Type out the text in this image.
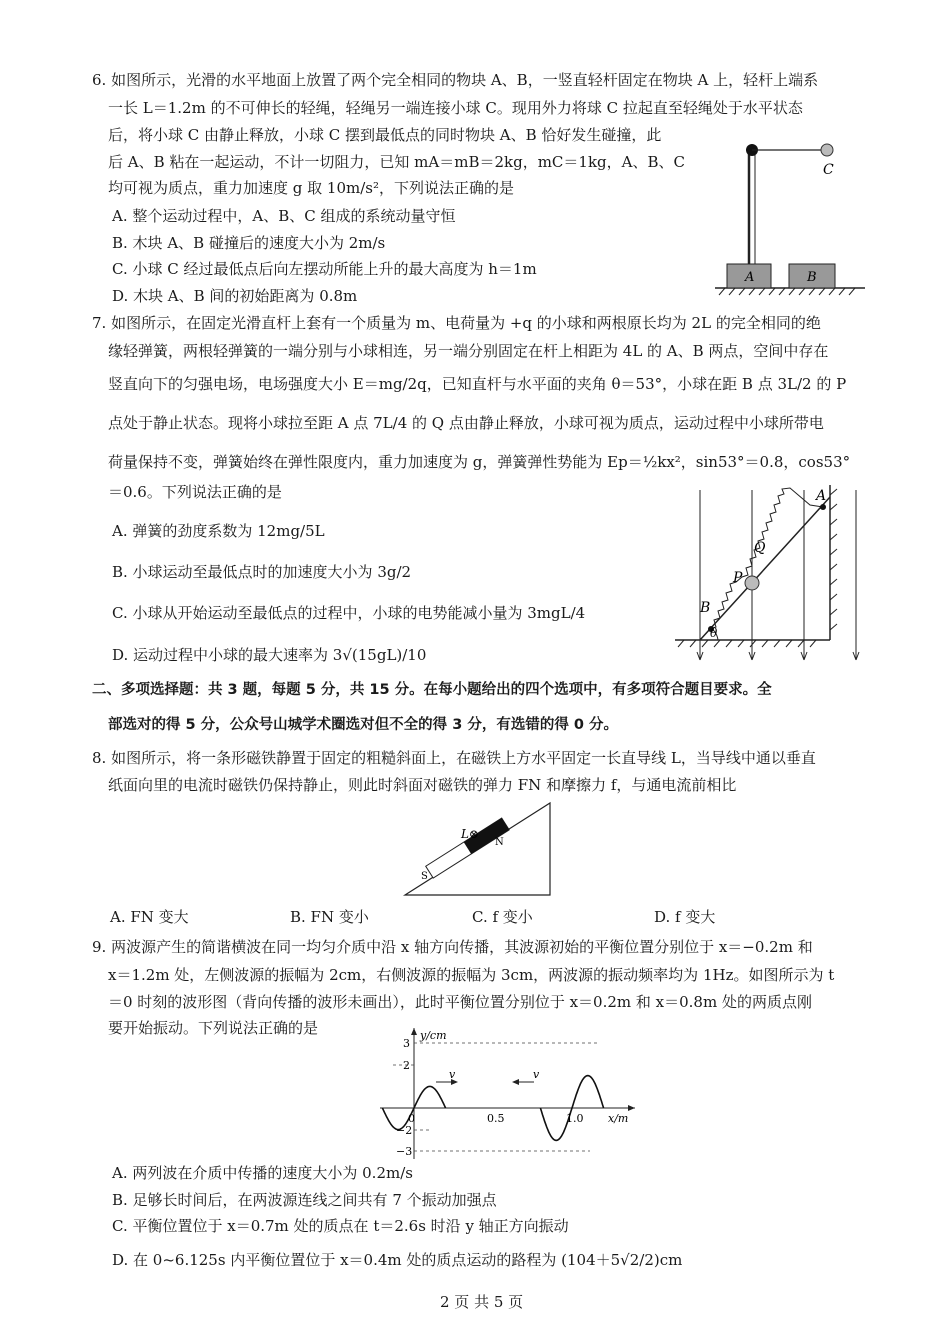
6. 如图所示，光滑的水平地面上放置了两个完全相同的物块 A、B，一竖直轻杆固定在物块 A 上，轻杆上端系
一长 L＝1.2m 的不可伸长的轻绳，轻绳另一端连接小球 C。现用外力将球 C 拉起直至轻绳处于水平状态
后，将小球 C 由静止释放，小球 C 摆到最低点的同时物块 A、B 恰好发生碰撞，此
后 A、B 粘在一起运动，不计一切阻力，已知 mA＝mB＝2kg，mC＝1kg，A、B、C
均可视为质点，重力加速度 g 取 10m/s²，下列说法正确的是
A. 整个运动过程中，A、B、C 组成的系统动量守恒
B. 木块 A、B 碰撞后的速度大小为 2m/s
C. 小球 C 经过最低点后向左摆动所能上升的最大高度为 h＝1m
D. 木块 A、B 间的初始距离为 0.8m
C
A	B
7. 如图所示，在固定光滑直杆上套有一个质量为 m、电荷量为 +q 的小球和两根原长均为 2L 的完全相同的绝
缘轻弹簧，两根轻弹簧的一端分别与小球相连，另一端分别固定在杆上相距为 4L 的 A、B 两点，空间中存在
竖直向下的匀强电场，电场强度大小 E＝mg/2q，已知直杆与水平面的夹角 θ＝53°，小球在距 B 点 3L/2 的 P
点处于静止状态。现将小球拉至距 A 点 7L/4 的 Q 点由静止释放，小球可视为质点，运动过程中小球所带电
荷量保持不变，弹簧始终在弹性限度内，重力加速度为 g，弹簧弹性势能为 Ep＝½kx²，sin53°＝0.8，cos53°
＝0.6。下列说法正确的是
A. 弹簧的劲度系数为 12mg/5L
B. 小球运动至最低点时的加速度大小为 3g/2
C. 小球从开始运动至最低点的过程中，小球的电势能减小量为 3mgL/4
D. 运动过程中小球的最大速率为 3√(15gL)/10
A
Q
P
B
θ
二、多项选择题：共 3 题，每题 5 分，共 15 分。在每小题给出的四个选项中，有多项符合题目要求。全
部选对的得 5 分，公众号山城学术圈选对但不全的得 3 分，有选错的得 0 分。
8. 如图所示，将一条形磁铁静置于固定的粗糙斜面上，在磁铁上方水平固定一长直导线 L，当导线中通以垂直
纸面向里的电流时磁铁仍保持静止，则此时斜面对磁铁的弹力 FN 和摩擦力 f，与通电流前相比
L⊗
N
S
A. FN 变大	B. FN 变小	C. f 变小	D. f 变大
9. 两波源产生的简谐横波在同一均匀介质中沿 x 轴方向传播，其波源初始的平衡位置分别位于 x＝−0.2m 和
x＝1.2m 处，左侧波源的振幅为 2cm，右侧波源的振幅为 3cm，两波源的振动频率均为 1Hz。如图所示为 t
＝0 时刻的波形图（背向传播的波形未画出），此时平衡位置分别位于 x＝0.2m 和 x＝0.8m 处的两质点刚
要开始振动。下列说法正确的是
v	v
y/cm
x/m
3
2
−2
−3
0	0.5	1.0
A. 两列波在介质中传播的速度大小为 0.2m/s
B. 足够长时间后，在两波源连线之间共有 7 个振动加强点
C. 平衡位置位于 x＝0.7m 处的质点在 t＝2.6s 时沿 y 轴正方向振动
D. 在 0~6.125s 内平衡位置位于 x＝0.4m 处的质点运动的路程为 (104＋5√2/2)cm
2 页 共 5 页
